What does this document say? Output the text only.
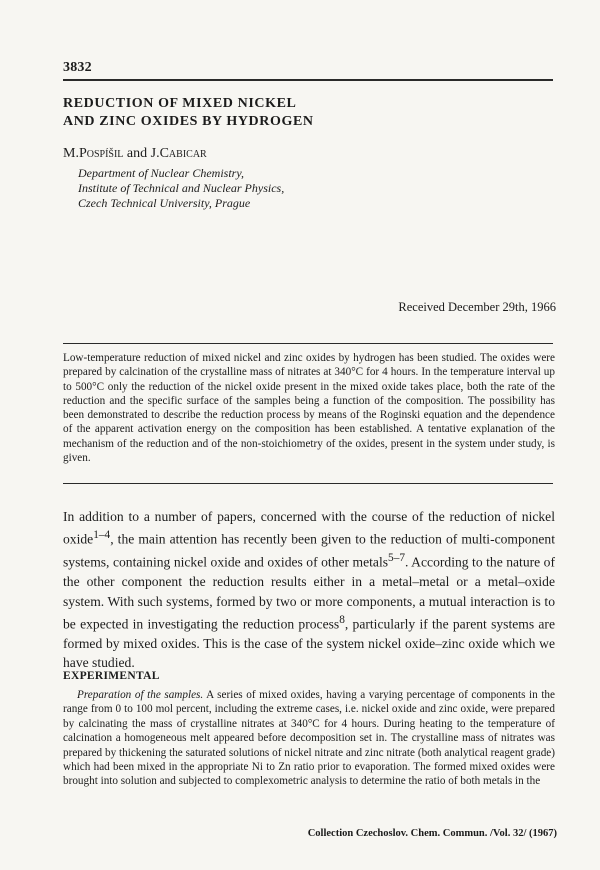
3832
REDUCTION OF MIXED NICKEL
AND ZINC OXIDES BY HYDROGEN
M.Pospíšil and J.Cabicar
Department of Nuclear Chemistry,
Institute of Technical and Nuclear Physics,
Czech Technical University, Prague
Received December 29th, 1966
Low-temperature reduction of mixed nickel and zinc oxides by hydrogen has been studied. The oxides were prepared by calcination of the crystalline mass of nitrates at 340°C for 4 hours. In the temperature interval up to 500°C only the reduction of the nickel oxide present in the mixed oxide takes place, both the rate of the reduction and the specific surface of the samples being a function of the composition. The possibility has been demonstrated to describe the reduction process by means of the Roginski equation and the dependence of the apparent activation energy on the composition has been established. A tentative explanation of the mechanism of the reduction and of the non-stoichiometry of the oxides, present in the system under study, is given.
In addition to a number of papers, concerned with the course of the reduction of nickel oxide$^{1-4}$, the main attention has recently been given to the reduction of multi-component systems, containing nickel oxide and oxides of other metals$^{5-7}$. According to the nature of the other component the reduction results either in a metal–metal or a metal–oxide system. With such systems, formed by two or more components, a mutual interaction is to be expected in investigating the reduction process$^8$, particularly if the parent systems are formed by mixed oxides. This is the case of the system nickel oxide–zinc oxide which we have studied.
EXPERIMENTAL
Preparation of the samples. A series of mixed oxides, having a varying percentage of components in the range from 0 to 100 mol percent, including the extreme cases, i.e. nickel oxide and zinc oxide, were prepared by calcinating the mass of crystalline nitrates at 340°C for 4 hours. During heating to the temperature of calcination a homogeneous melt appeared before decomposition set in. The crystalline mass of nitrates was prepared by thickening the saturated solutions of nickel nitrate and zinc nitrate (both analytical reagent grade) which had been mixed in the appropriate Ni to Zn ratio prior to evaporation. The formed mixed oxides were brought into solution and subjected to complexometric analysis to determine the ratio of both metals in the
Collection Czechoslov. Chem. Commun. /Vol. 32/ (1967)
